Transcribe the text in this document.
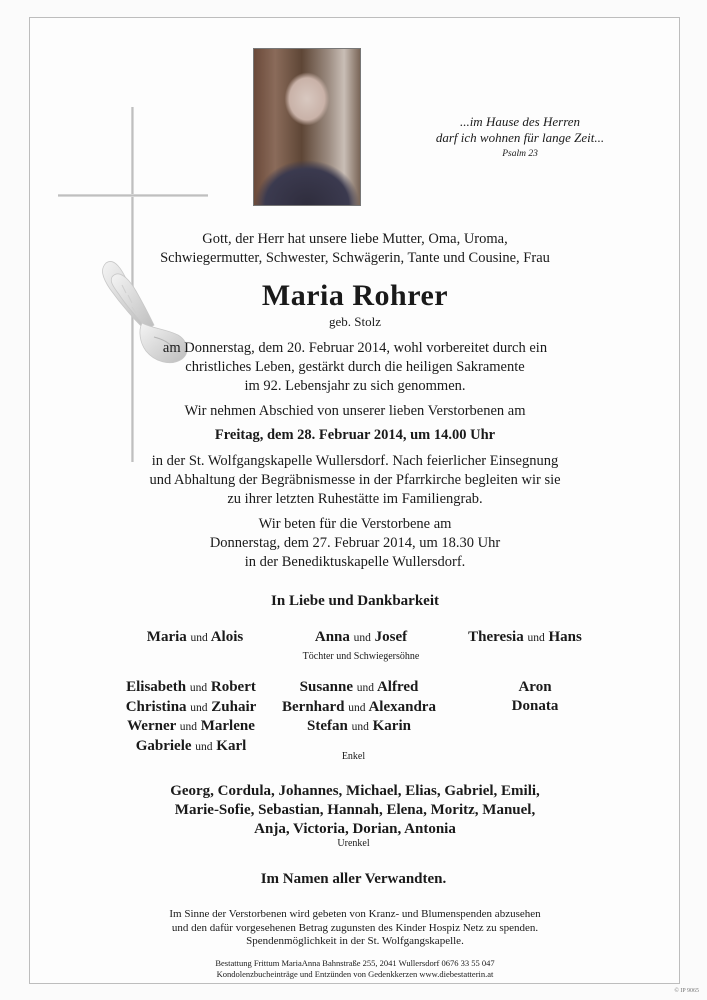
...im Hause des Herren
darf ich wohnen für lange Zeit...
Psalm 23
Gott, der Herr hat unsere liebe Mutter, Oma, Uroma,
Schwiegermutter, Schwester, Schwägerin, Tante und Cousine, Frau
Maria Rohrer
geb. Stolz
am Donnerstag, dem 20. Februar 2014, wohl vorbereitet durch ein
christliches Leben, gestärkt durch die heiligen Sakramente
im 92. Lebensjahr zu sich genommen.
Wir nehmen Abschied von unserer lieben Verstorbenen am
Freitag, dem 28. Februar 2014, um 14.00 Uhr
in der St. Wolfgangskapelle Wullersdorf. Nach feierlicher Einsegnung
und Abhaltung der Begräbnismesse in der Pfarrkirche begleiten wir sie
zu ihrer letzten Ruhestätte im Familiengrab.
Wir beten für die Verstorbene am
Donnerstag, dem 27. Februar 2014, um 18.30 Uhr
in der Benediktuskapelle Wullersdorf.
In Liebe und Dankbarkeit
Maria und Alois	Anna und Josef
Töchter und Schwiegersöhne
Theresia und Hans
Elisabeth und Robert
Christina und Zuhair
Werner und Marlene
Gabriele und Karl
Susanne und Alfred
Bernhard und Alexandra
Stefan und Karin
Aron
Donata
Enkel
Georg, Cordula, Johannes, Michael, Elias, Gabriel, Emili,
Marie-Sofie, Sebastian, Hannah, Elena, Moritz, Manuel,
Anja, Victoria, Dorian, Antonia
Urenkel
Im Namen aller Verwandten.
Im Sinne der Verstorbenen wird gebeten von Kranz- und Blumenspenden abzusehen
und den dafür vorgesehenen Betrag zugunsten des Kinder Hospiz Netz zu spenden.
Spendenmöglichkeit in der St. Wolfgangskapelle.
Bestattung Frittum MariaAnna Bahnstraße 255, 2041 Wullersdorf 0676 33 55 047
Kondolenzbucheinträge und Entzünden von Gedenkkerzen www.diebestatterin.at
© IP 9065
